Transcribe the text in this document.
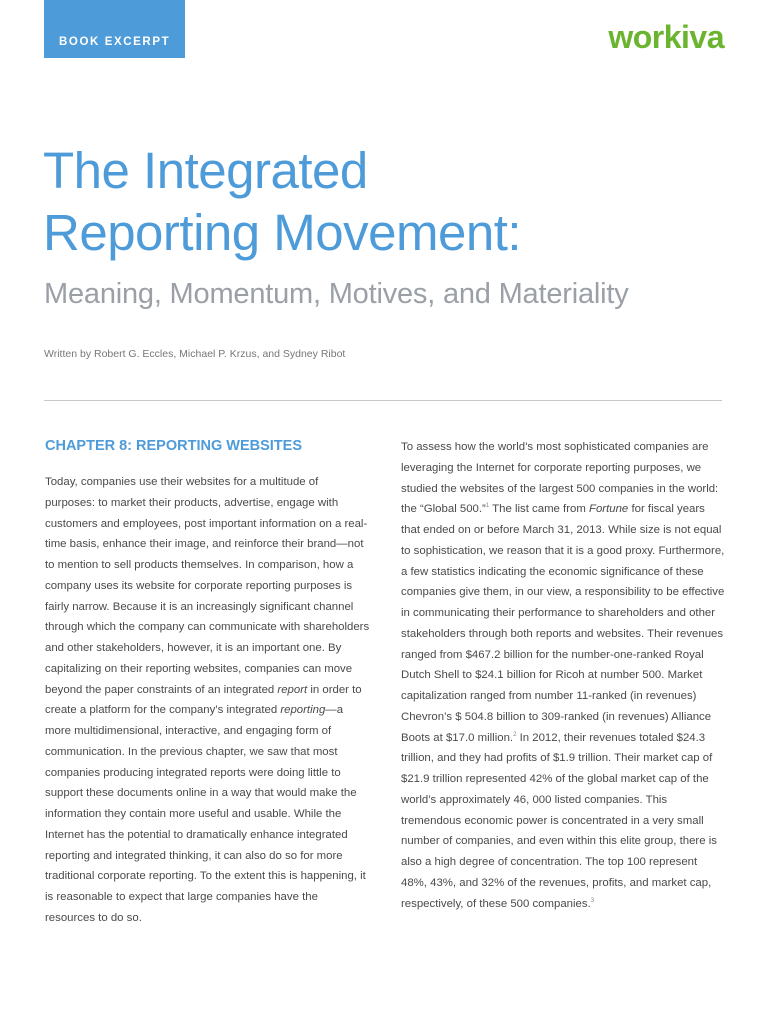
BOOK EXCERPT	workiva
The Integrated
Reporting Movement:
Meaning, Momentum, Motives, and Materiality
Written by Robert G. Eccles, Michael P. Krzus, and Sydney Ribot
CHAPTER 8: REPORTING WEBSITES

Today, companies use their websites for a multitude of purposes: to market their products, advertise, engage with customers and employees, post important information on a real-time basis, enhance their image, and reinforce their brand—not to mention to sell products themselves. In comparison, how a company uses its website for corporate reporting purposes is fairly narrow. Because it is an increasingly significant channel through which the company can communicate with shareholders and other stakeholders, however, it is an important one. By capitalizing on their reporting websites, companies can move beyond the paper constraints of an integrated report in order to create a platform for the company’s integrated reporting—a more multidimensional, interactive, and engaging form of communication. In the previous chapter, we saw that most companies producing integrated reports were doing little to support these documents online in a way that would make the information they contain more useful and usable. While the Internet has the potential to dramatically enhance integrated reporting and integrated thinking, it can also do so for more traditional corporate reporting. To the extent this is happening, it is reasonable to expect that large companies have the resources to do so.

To assess how the world’s most sophisticated companies are leveraging the Internet for corporate reporting purposes, we studied the websites of the largest 500 companies in the world: the “Global 500.”$^1$ The list came from Fortune for fiscal years that ended on or before March 31, 2013. While size is not equal to sophistication, we reason that it is a good proxy. Furthermore, a few statistics indicating the economic significance of these companies give them, in our view, a responsibility to be effective in communicating their performance to shareholders and other stakeholders through both reports and websites. Their revenues ranged from $467.2 billion for the number-one-ranked Royal Dutch Shell to $24.1 billion for Ricoh at number 500. Market capitalization ranged from number 11-ranked (in revenues) Chevron’s $ 504.8 billion to 309-ranked (in revenues) Alliance Boots at $17.0 million.$^2$ In 2012, their revenues totaled $24.3 trillion, and they had profits of $1.9 trillion. Their market cap of $21.9 trillion represented 42% of the global market cap of the world’s approximately 46, 000 listed companies. This tremendous economic power is concentrated in a very small number of companies, and even within this elite group, there is also a high degree of concentration. The top 100 represent 48%, 43%, and 32% of the revenues, profits, and market cap, respectively, of these 500 companies.$^3$
